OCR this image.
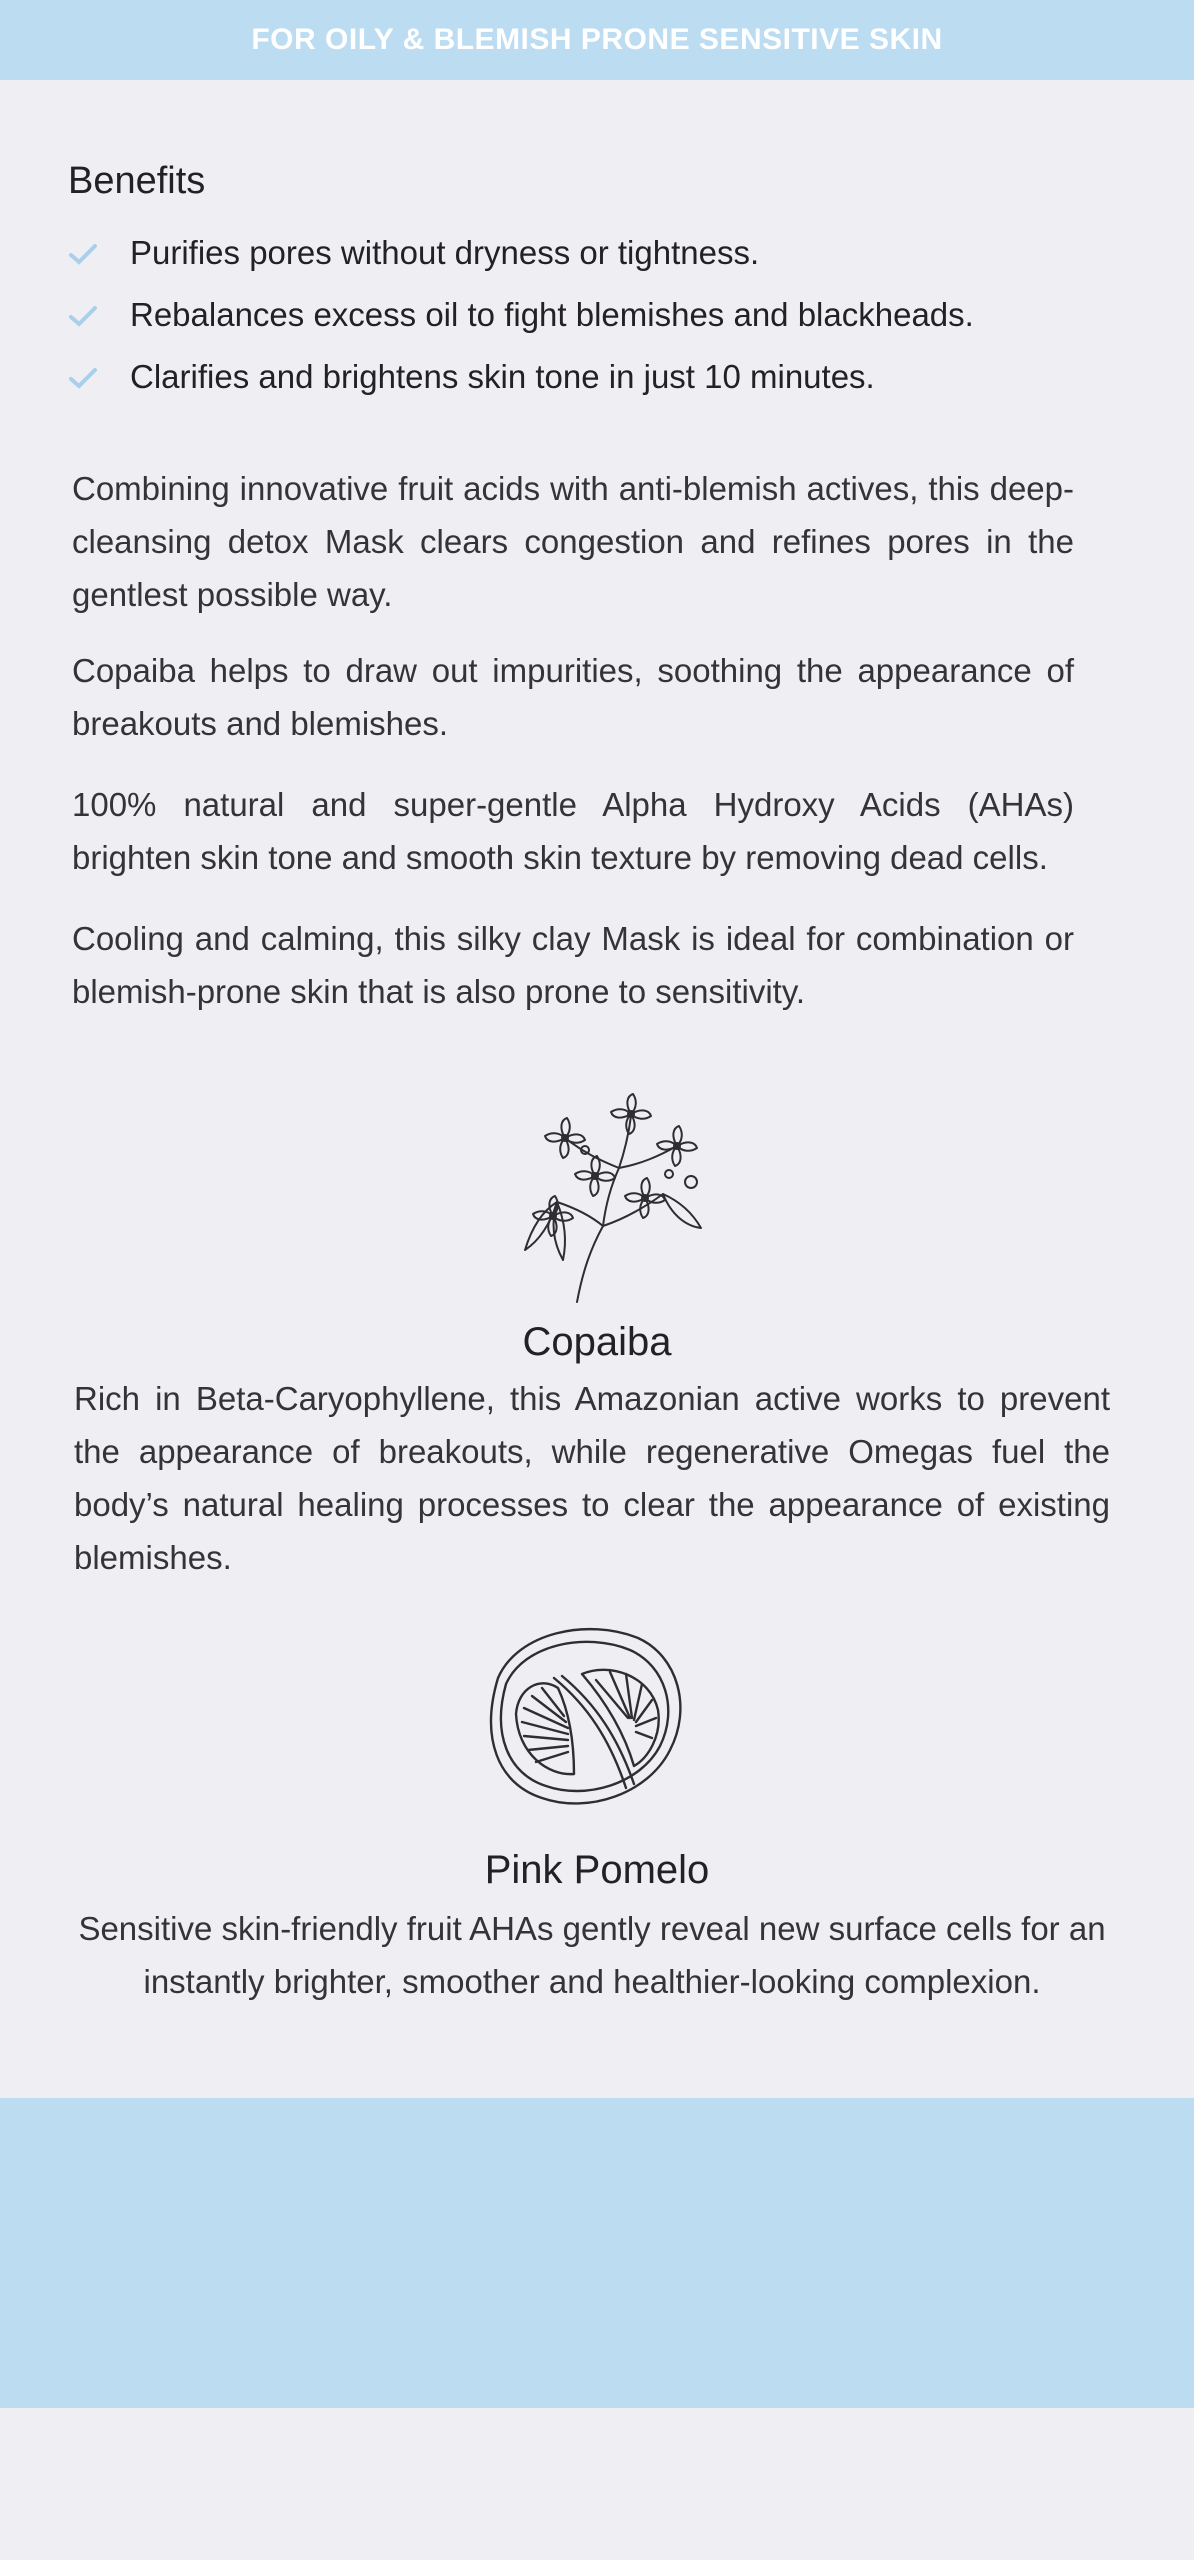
FOR OILY & BLEMISH PRONE SENSITIVE SKIN
Benefits
Purifies pores without dryness or tightness.
Rebalances excess oil to fight blemishes and blackheads.
Clarifies and brightens skin tone in just 10 minutes.

Combining innovative fruit acids with anti-blemish actives, this deep-cleansing detox Mask clears congestion and refines pores in the gentlest possible way.

Copaiba helps to draw out impurities, soothing the appearance of breakouts and blemishes.

100% natural and super-gentle Alpha Hydroxy Acids (AHAs) brighten skin tone and smooth skin texture by removing dead cells.

Cooling and calming, this silky clay Mask is ideal for combination or blemish-prone skin that is also prone to sensitivity.

Copaiba

Rich in Beta-Caryophyllene, this Amazonian active works to prevent the appearance of breakouts, while regenerative Omegas fuel the body’s natural healing processes to clear the appearance of existing blemishes.

Pink Pomelo

Sensitive skin-friendly fruit AHAs gently reveal new surface cells for an instantly brighter, smoother and healthier-looking complexion.
